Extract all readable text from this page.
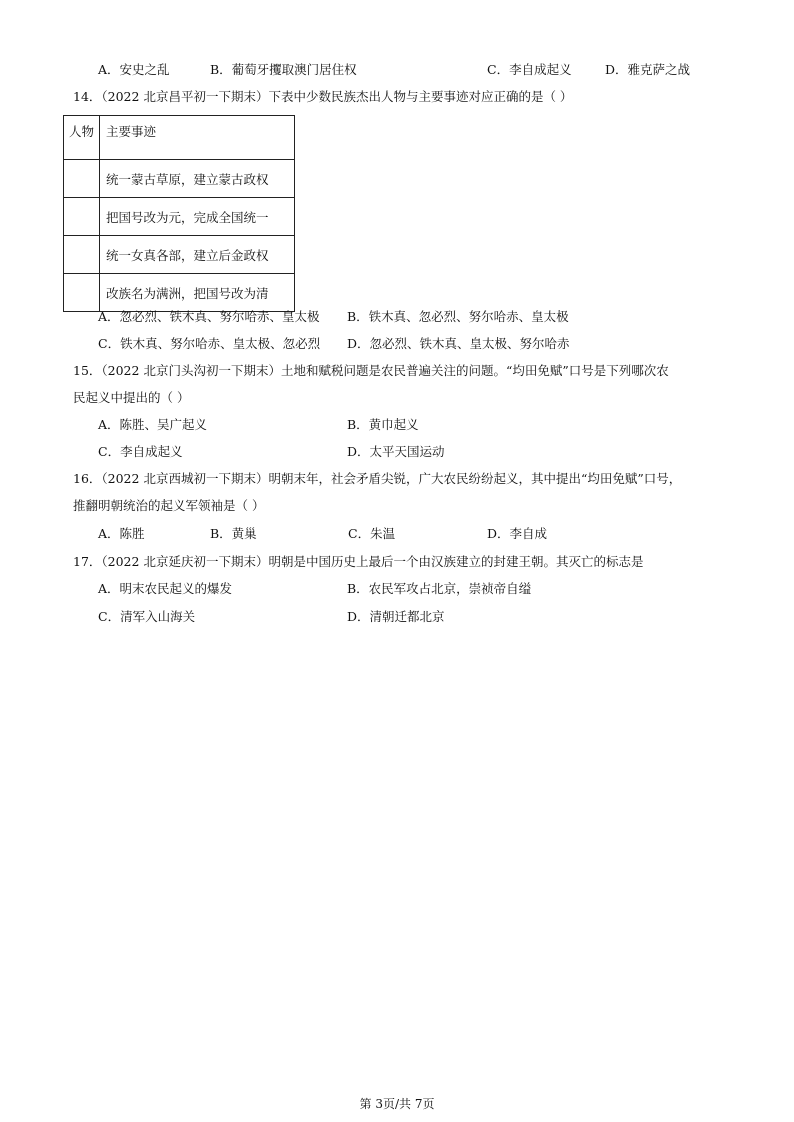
A．安史之乱	B．葡萄牙攫取澳门居住权	C．李自成起义	D．雅克萨之战
14．（2022 北京昌平初一下期末）下表中少数民族杰出人物与主要事迹对应正确的是（ ）
人物	主要事迹
	统一蒙古草原，建立蒙古政权
	把国号改为元，完成全国统一
	统一女真各部，建立后金政权
	改族名为满洲，把国号改为清
A．忽必烈、铁木真、努尔哈赤、皇太极 B．铁木真、忽必烈、努尔哈赤、皇太极
C．铁木真、努尔哈赤、皇太极、忽必烈 D．忽必烈、铁木真、皇太极、努尔哈赤
15．（2022 北京门头沟初一下期末）土地和赋税问题是农民普遍关注的问题。“均田免赋”口号是下列哪次农
民起义中提出的（ ）
A．陈胜、吴广起义	B．黄巾起义
C．李自成起义	D．太平天国运动
16．（2022 北京西城初一下期末）明朝末年，社会矛盾尖锐，广大农民纷纷起义，其中提出“均田免赋”口号，
推翻明朝统治的起义军领袖是（ ）
A．陈胜	B．黄巢	C．朱温	D．李自成
17．（2022 北京延庆初一下期末）明朝是中国历史上最后一个由汉族建立的封建王朝。其灭亡的标志是
A．明末农民起义的爆发	B．农民军攻占北京，崇祯帝自缢
C．清军入山海关	D．清朝迁都北京
第 3页/共 7页
